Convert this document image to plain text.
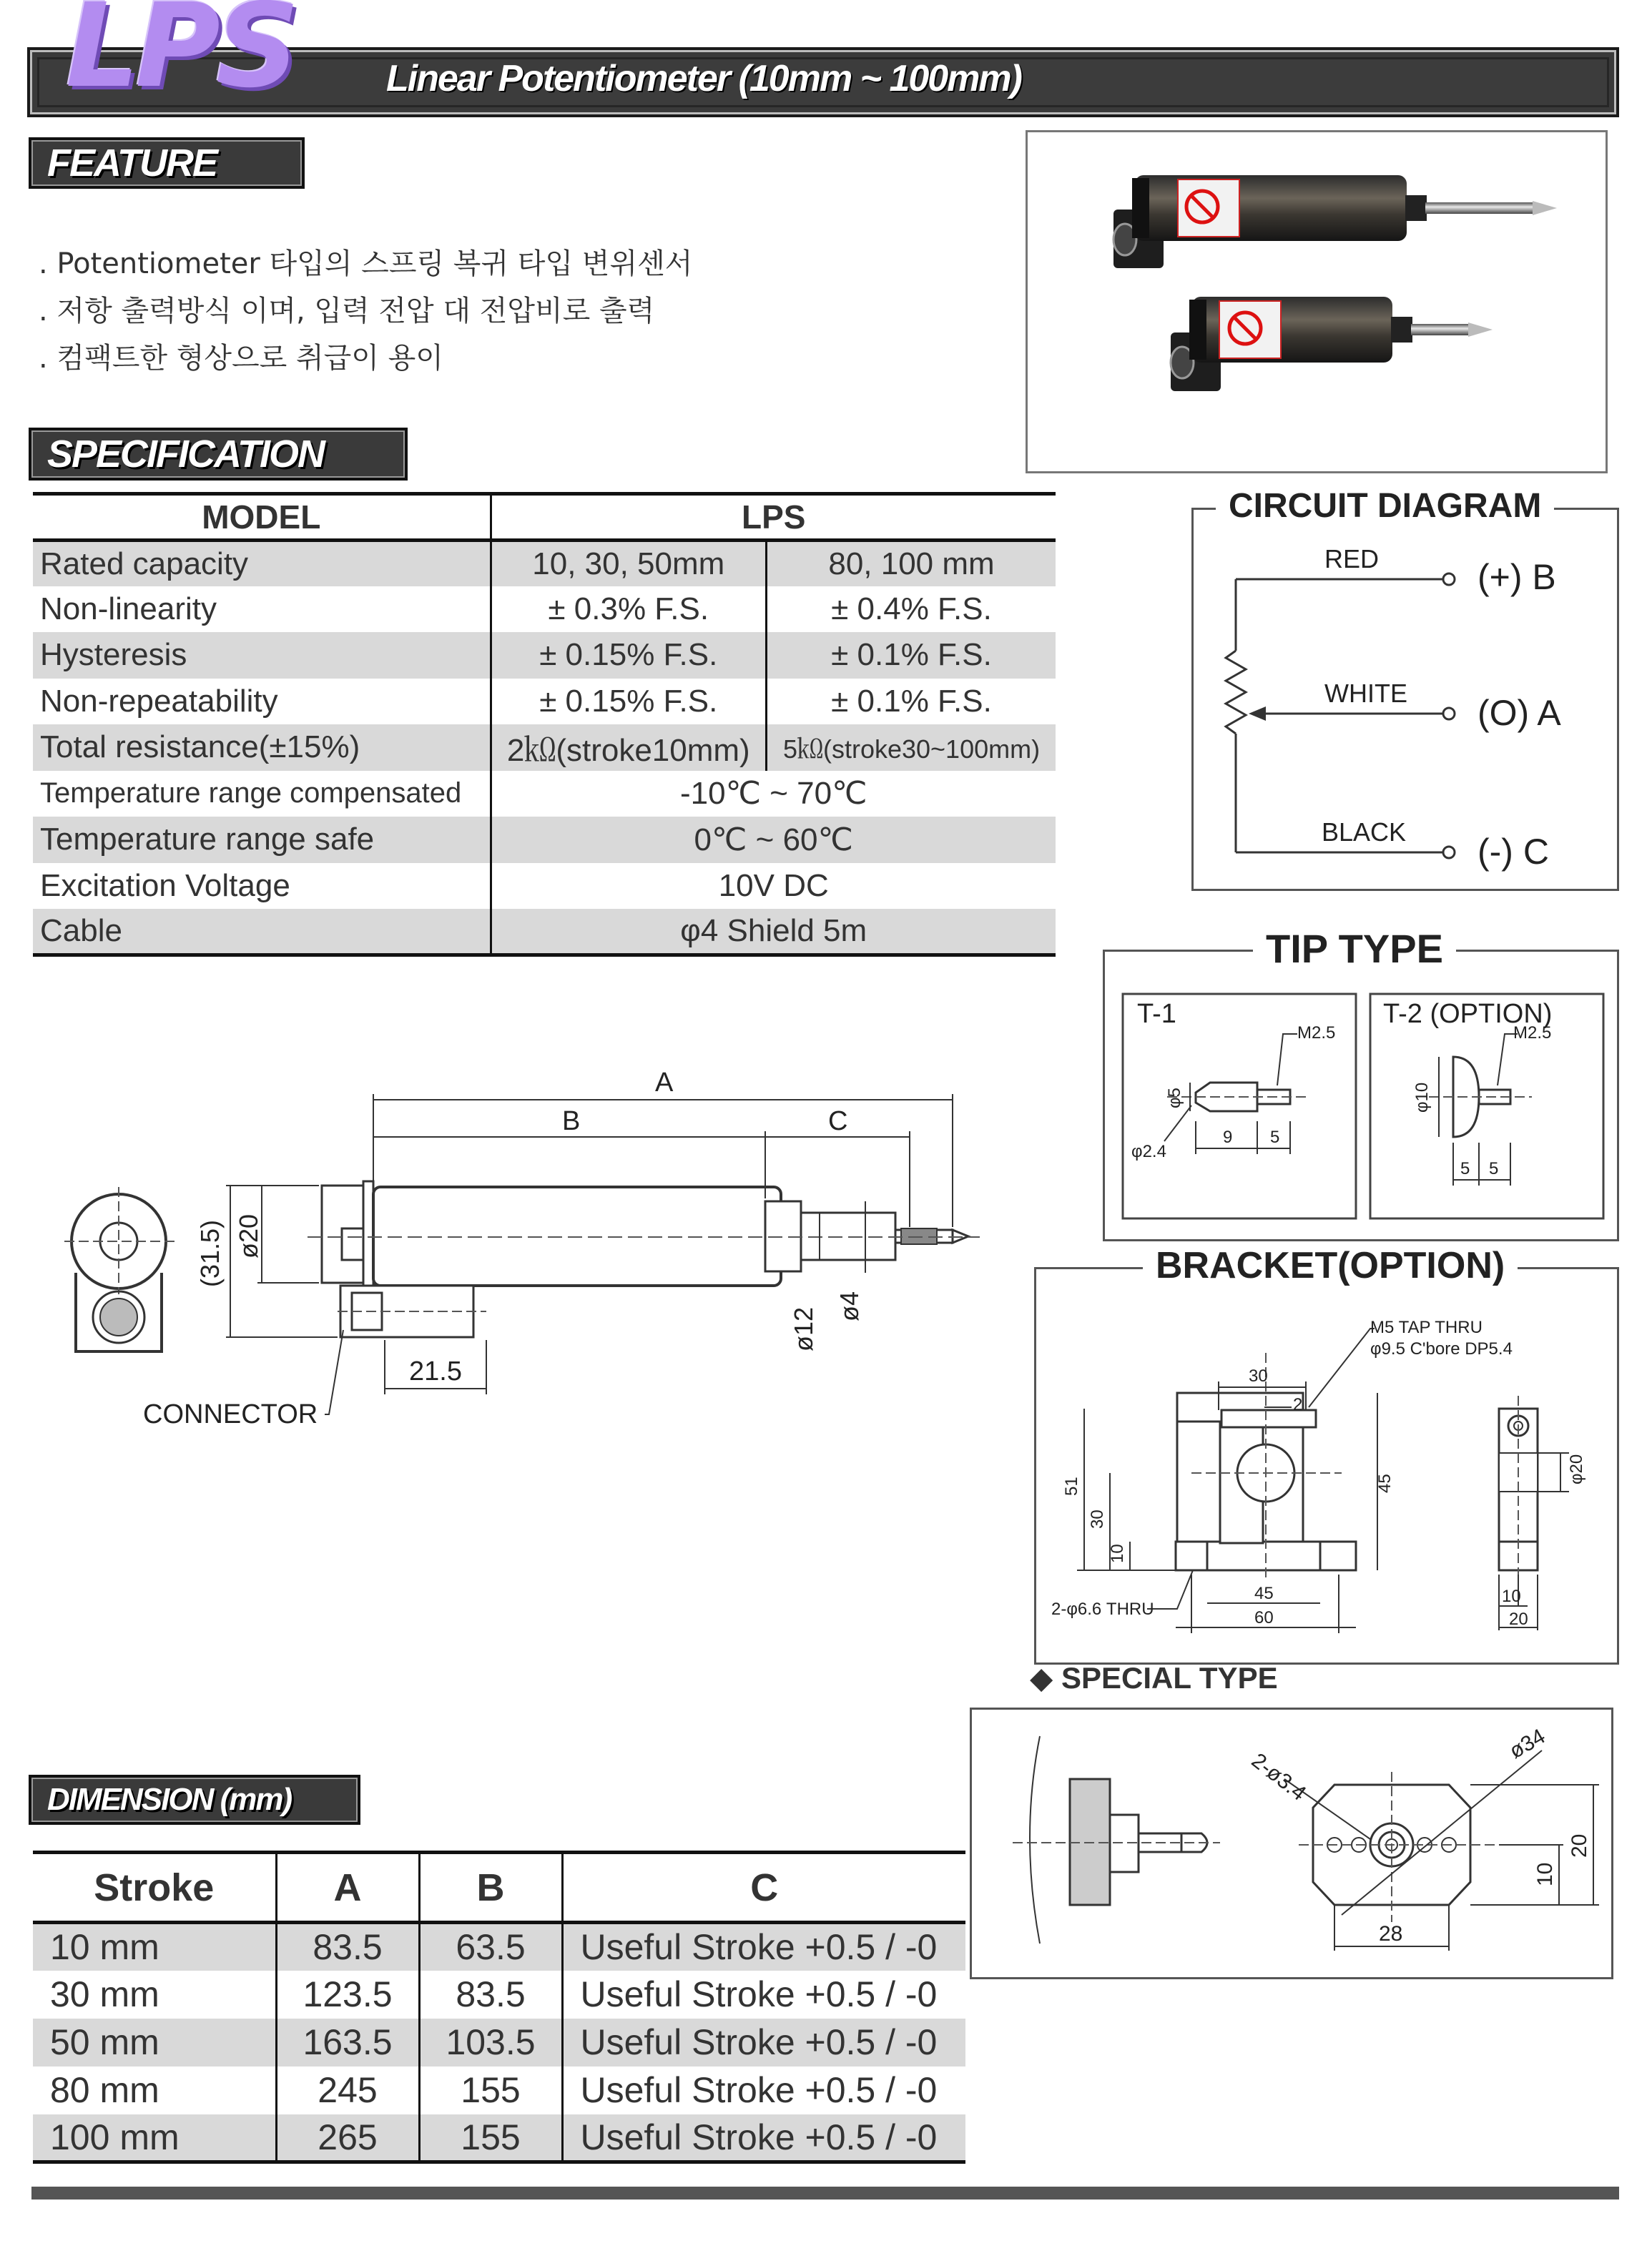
LPS Linear Potentiometer (10mm ~ 100mm)
FEATURE
. Potentiometer 타입의 스프링 복귀 타입 변위센서
. 저항 출력방식 이며, 입력 전압 대 전압비로 출력
. 컴팩트한 형상으로 취급이 용이
SPECIFICATION
MODEL	LPS	
Rated capacity	10, 30, 50mm	80, 100 mm
Non-linearity	± 0.3% F.S.	± 0.4% F.S.
Hysteresis	± 0.15% F.S.	± 0.1% F.S.
Non-repeatability	± 0.15% F.S.	± 0.1% F.S.
Total resistance(±15%)	2㏀(stroke10mm)	5㏀(stroke30~100mm)
Temperature range compensated	-10℃ ~ 70℃	
Temperature range safe	0℃ ~ 60℃	
Excitation Voltage	10V DC	
Cable	φ4 Shield 5m	
CIRCUIT DIAGRAM
RED
WHITE
BLACK
(+) B
(O) A
(-) C
TIP TYPE
T-1	T-2 (OPTION)
M2.5
φ5
φ2.4
9 5
M2.5
φ10
5 5
BRACKET(OPTION)
30
2
M5 TAP THRU
φ9.5 C'bore DP5.4
51
30
10
45
45
60
2-φ6.6 THRU
φ20
10
20
A
B	C
ø20
(31.5)
ø12
ø4
21.5
CONNECTOR
◆ SPECIAL TYPE
2-ø3.4
ø34
20
10
28
DIMENSION (mm)
Stroke	A	B	C
10 mm	83.5	63.5	Useful Stroke +0.5 / -0
30 mm	123.5	83.5	Useful Stroke +0.5 / -0
50 mm	163.5	103.5	Useful Stroke +0.5 / -0
80 mm	245	155	Useful Stroke +0.5 / -0
100 mm	265	155	Useful Stroke +0.5 / -0
